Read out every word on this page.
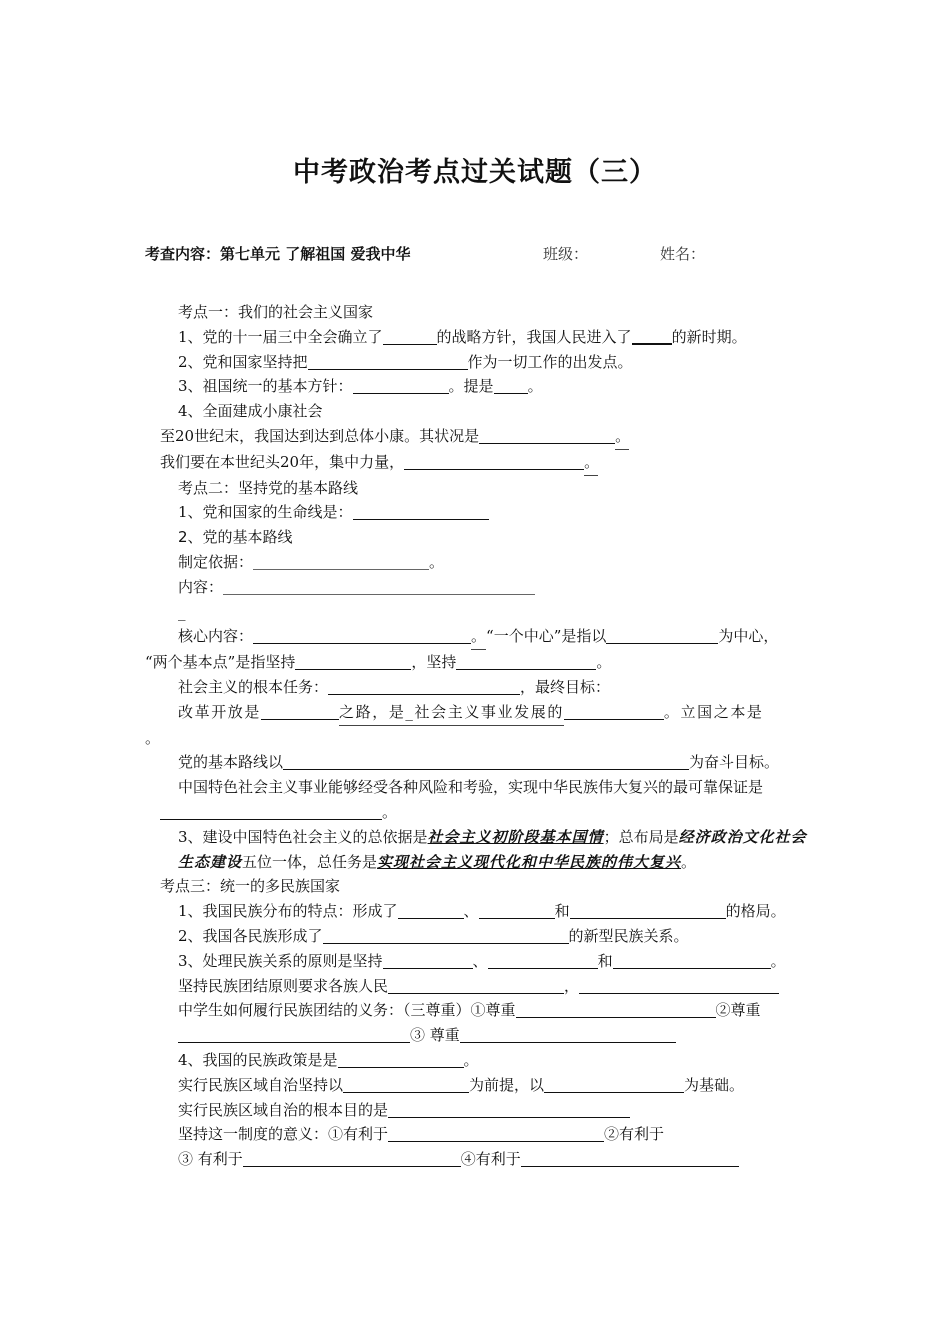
中考政治考点过关试题（三）
考查内容：第七单元 了解祖国 爱我中华	班级：	姓名：
考点一：我们的社会主义国家
1、党的十一届三中全会确立了	的战略方针，我国人民进入了	的新时期。
2、党和国家坚持把	作为一切工作的出发点。
3、祖国统一的基本方针：	。提是 。
4、全面建成小康社会
至20世纪末，我国达到达到总体小康。其状况是	。
我们要在本世纪头20年，集中力量，	。
考点二：坚持党的基本路线
1、党和国家的生命线是：
2、党的基本路线
制定依据：	。
内容：
_
核心内容：	。“一个中心”是指以	为中心，
“两个基本点”是指坚持	，坚持	。
社会主义的根本任务：	，最终目标：
改革开放是	之路，是_社会主义事业发展的	。立国之本是
。
党的基本路线以	为奋斗目标。
中国特色社会主义事业能够经受各种风险和考验，实现中华民族伟大复兴的最可靠保证是
。
3、建设中国特色社会主义的总依据是社会主义初阶段基本国情；总布局是经济政治文化社会生态建设五位一体，总任务是实现社会主义现代化和中华民族的伟大复兴。
考点三：统一的多民族国家
1、我国民族分布的特点：形成了	、	和	的格局。
2、我国各民族形成了	的新型民族关系。
3、处理民族关系的原则是坚持	、	和	。
坚持民族团结原则要求各族人民	，
中学生如何履行民族团结的义务：（三尊重）①尊重	②尊重
③ 尊重
4、我国的民族政策是是	。
实行民族区域自治坚持以	为前提，以	为基础。
实行民族区域自治的根本目的是
坚持这一制度的意义：①有利于	②有利于
③ 有利于	④有利于
